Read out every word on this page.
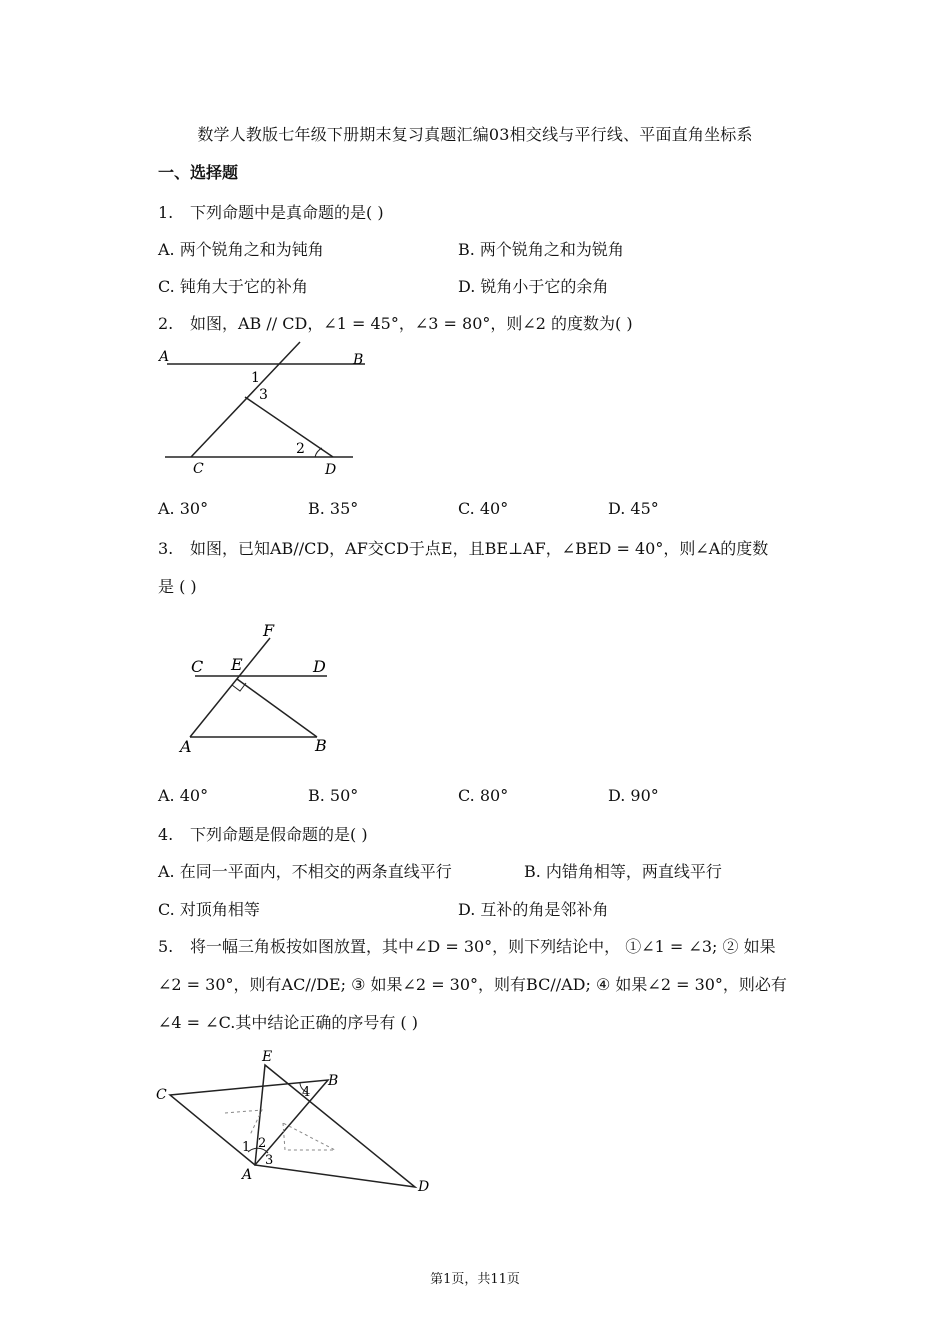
数学人教版七年级下册期末复习真题汇编03相交线与平行线、平面直角坐标系
一、选择题
1. 下列命题中是真命题的是( )
A. 两个锐角之和为钝角	B. 两个锐角之和为锐角
C. 钝角大于它的补角	D. 锐角小于它的余角
2. 如图，AB // CD，∠1 = 45°，∠3 = 80°，则∠2 的度数为( )
A	B
C	D
1
3
2
A. 30°	B. 35°	C. 40°	D. 45°
3. 如图，已知AB//CD，AF交CD于点E，且BE⊥AF，∠BED = 40°，则∠A的度数
是 ( )
F
C E	D
A	B
A. 40°	B. 50°	C. 80°	D. 90°
4. 下列命题是假命题的是( )
A. 在同一平面内，不相交的两条直线平行	B. 内错角相等，两直线平行
C. 对顶角相等	D. 互补的角是邻补角
5. 将一幅三角板按如图放置，其中∠D = 30°，则下列结论中， ①∠1 = ∠3; ② 如果
∠2 = 30°，则有AC//DE; ③ 如果∠2 = 30°，则有BC//AD; ④ 如果∠2 = 30°，则必有
∠4 = ∠C.其中结论正确的序号有 ( )
E
B
C
A
D
1 2
3
4
第1页，共11页
